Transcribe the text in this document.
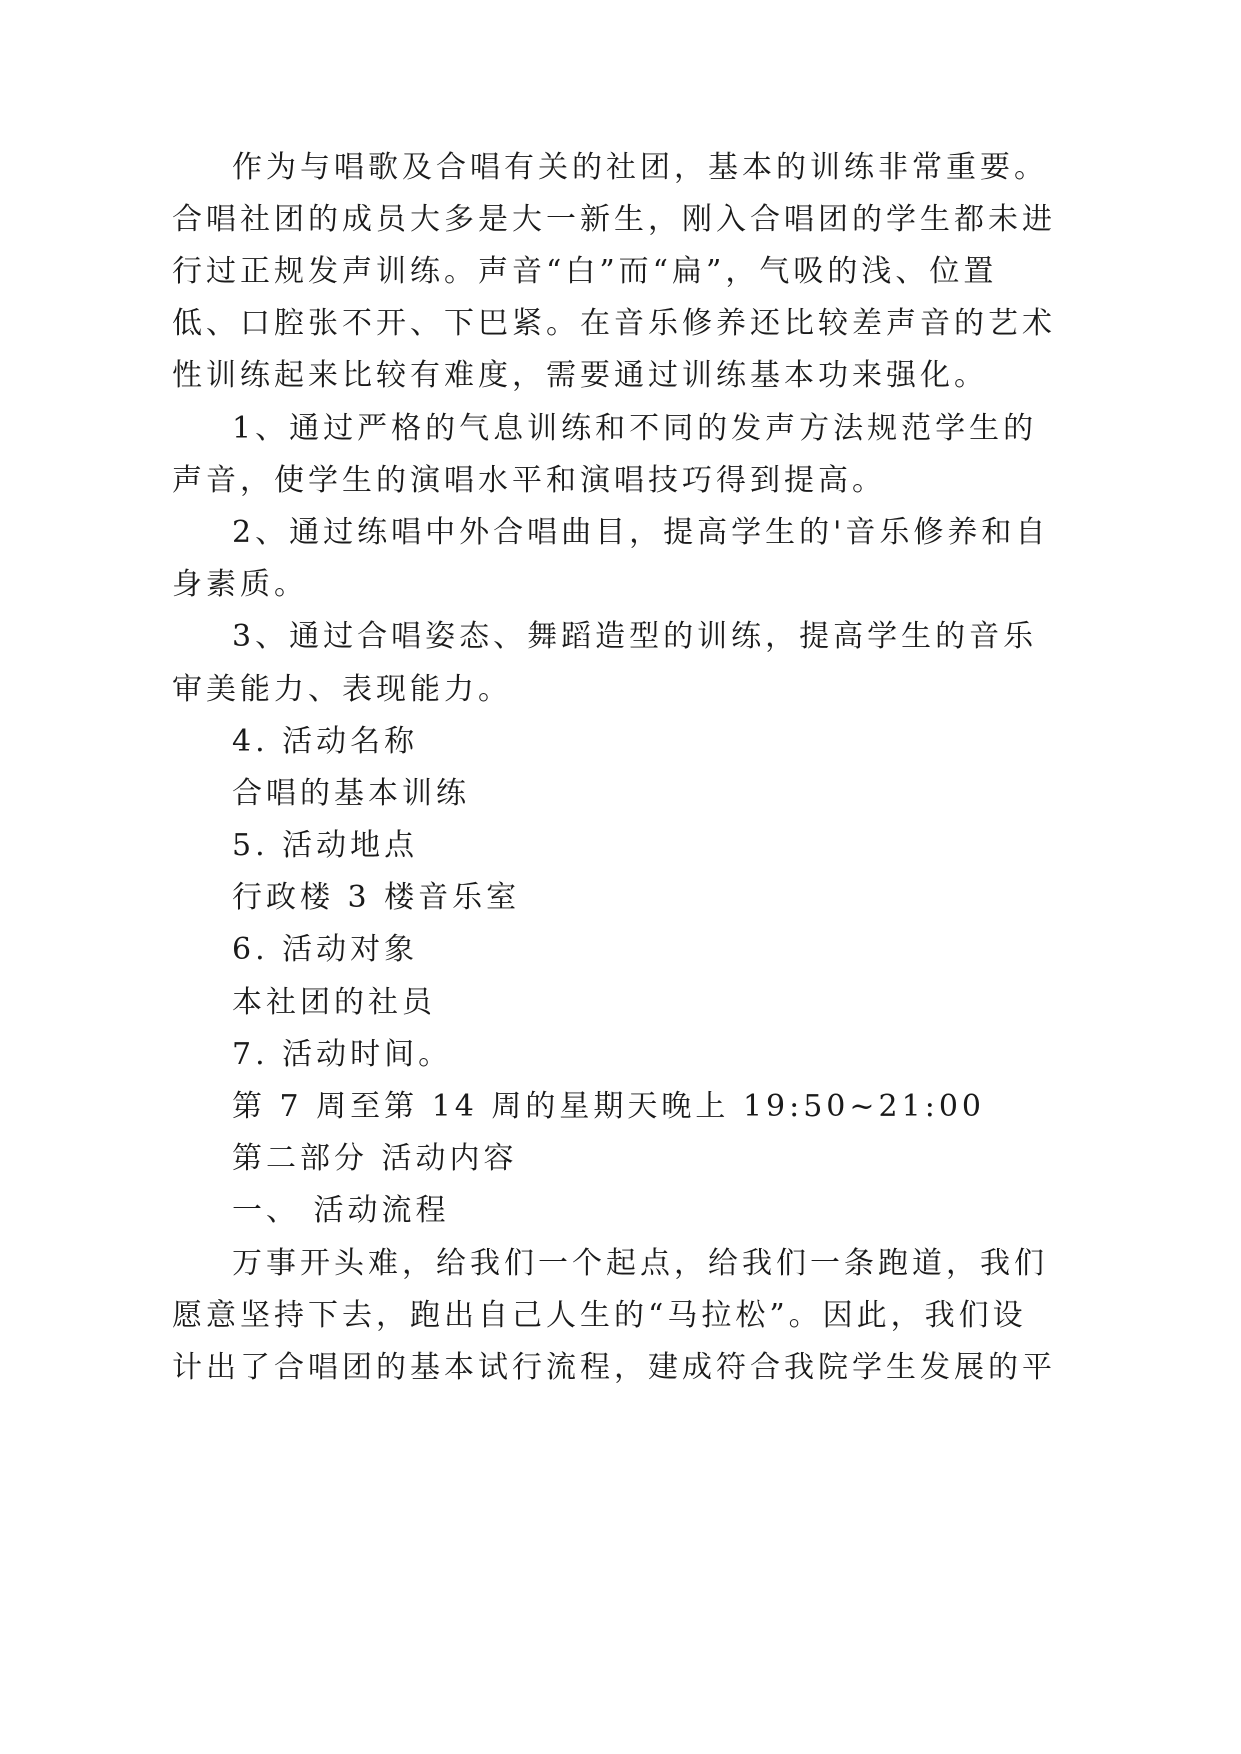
作为与唱歌及合唱有关的社团，基本的训练非常重要。
合唱社团的成员大多是大一新生，刚入合唱团的学生都未进
行过正规发声训练。声音“白”而“扁”，气吸的浅、位置
低、口腔张不开、下巴紧。在音乐修养还比较差声音的艺术
性训练起来比较有难度，需要通过训练基本功来强化。
1、通过严格的气息训练和不同的发声方法规范学生的
声音，使学生的演唱水平和演唱技巧得到提高。
2、通过练唱中外合唱曲目，提高学生的'音乐修养和自
身素质。
3、通过合唱姿态、舞蹈造型的训练，提高学生的音乐
审美能力、表现能力。
4. 活动名称
合唱的基本训练
5. 活动地点
行政楼 3 楼音乐室
6. 活动对象
本社团的社员
7. 活动时间。
第 7 周至第 14 周的星期天晚上 19:50~21:00
第二部分 活动内容
一、 活动流程
万事开头难，给我们一个起点，给我们一条跑道，我们
愿意坚持下去，跑出自己人生的“马拉松”。因此，我们设
计出了合唱团的基本试行流程，建成符合我院学生发展的平
